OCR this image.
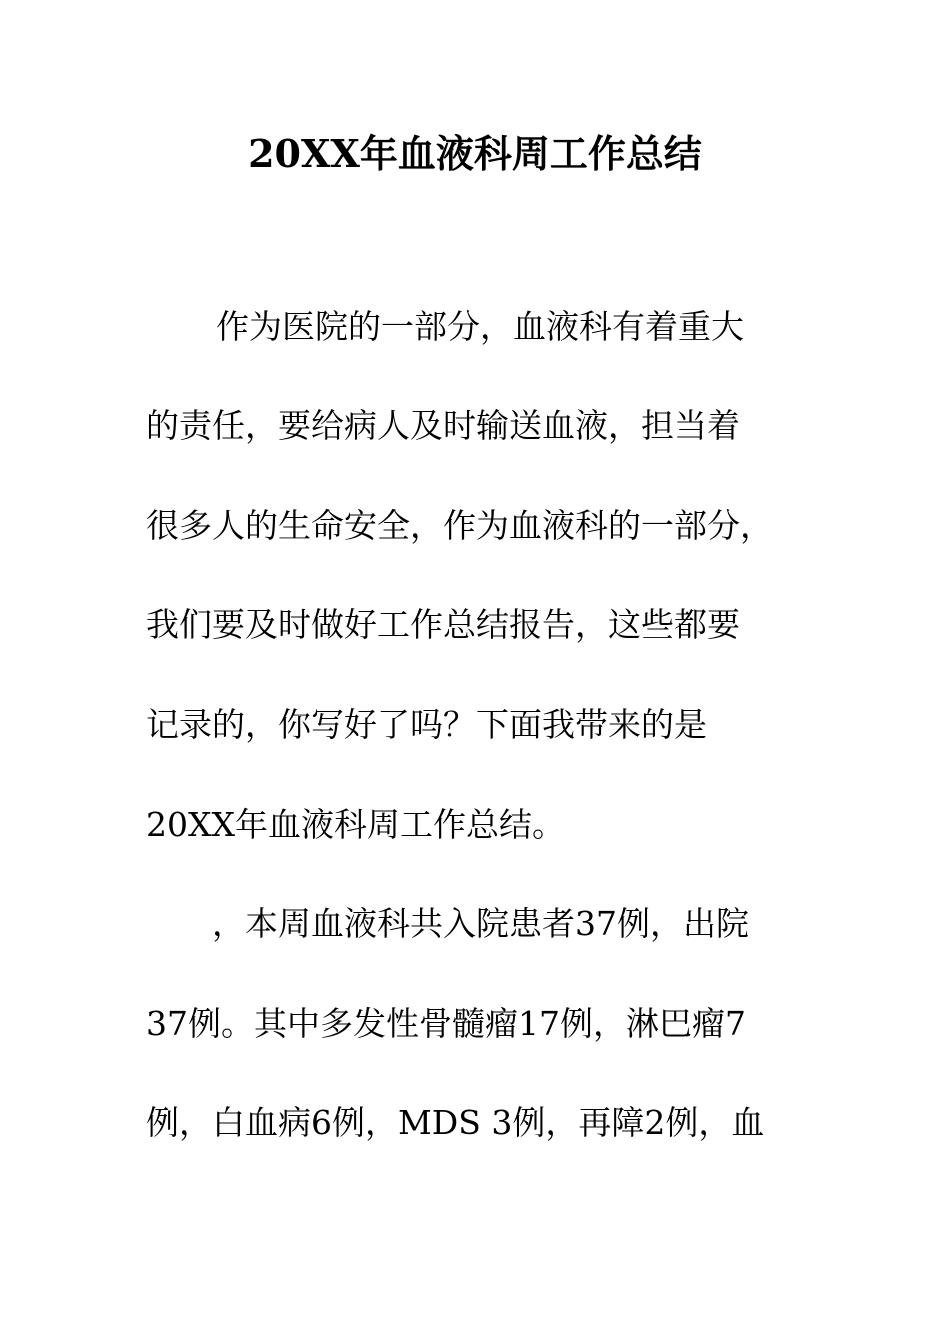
20XX年血液科周工作总结

作为医院的一部分，血液科有着重大

的责任，要给病人及时输送血液，担当着

很多人的生命安全，作为血液科的一部分，

我们要及时做好工作总结报告，这些都要

记录的，你写好了吗？下面我带来的是

20XX年血液科周工作总结。

，本周血液科共入院患者37例，出院

37例。其中多发性骨髓瘤17例，淋巴瘤7

例，白血病6例，MDS 3例，再障2例，血
